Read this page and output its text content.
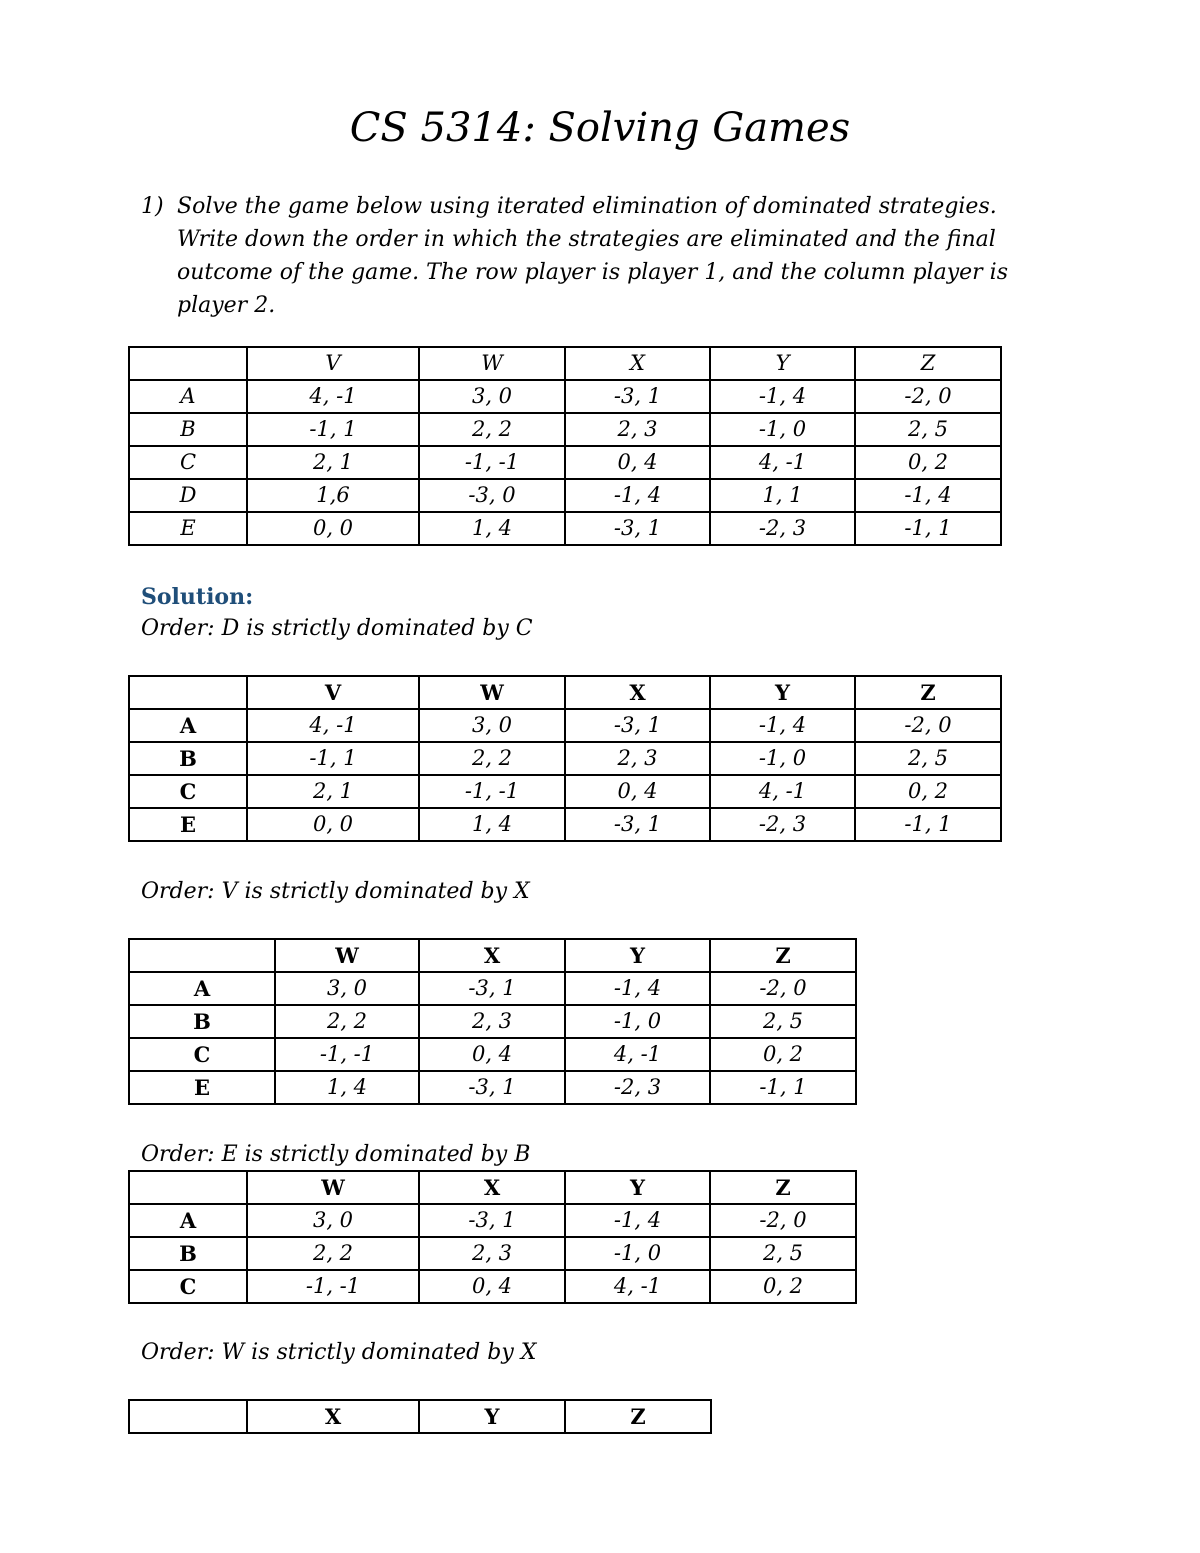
CS 5314: Solving Games
1) Solve the game below using iterated elimination of dominated strategies. Write down the order in which the strategies are eliminated and the final outcome of the game. The row player is player 1, and the column player is player 2.
	V	W	X	Y	Z
A	4, -1	3, 0	-3, 1	-1, 4	-2, 0
B	-1, 1	2, 2	2, 3	-1, 0	2, 5
C	2, 1	-1, -1	0, 4	4, -1	0, 2
D	1,6	-3, 0	-1, 4	1, 1	-1, 4
E	0, 0	1, 4	-3, 1	-2, 3	-1, 1
Solution:
Order: D is strictly dominated by C
	V	W	X	Y	Z
A	4, -1	3, 0	-3, 1	-1, 4	-2, 0
B	-1, 1	2, 2	2, 3	-1, 0	2, 5
C	2, 1	-1, -1	0, 4	4, -1	0, 2
E	0, 0	1, 4	-3, 1	-2, 3	-1, 1
Order: V is strictly dominated by X
	W	X	Y	Z
A	3, 0	-3, 1	-1, 4	-2, 0
B	2, 2	2, 3	-1, 0	2, 5
C	-1, -1	0, 4	4, -1	0, 2
E	1, 4	-3, 1	-2, 3	-1, 1
Order: E is strictly dominated by B
	W	X	Y	Z
A	3, 0	-3, 1	-1, 4	-2, 0
B	2, 2	2, 3	-1, 0	2, 5
C	-1, -1	0, 4	4, -1	0, 2
Order: W is strictly dominated by X
	X	Y	Z
